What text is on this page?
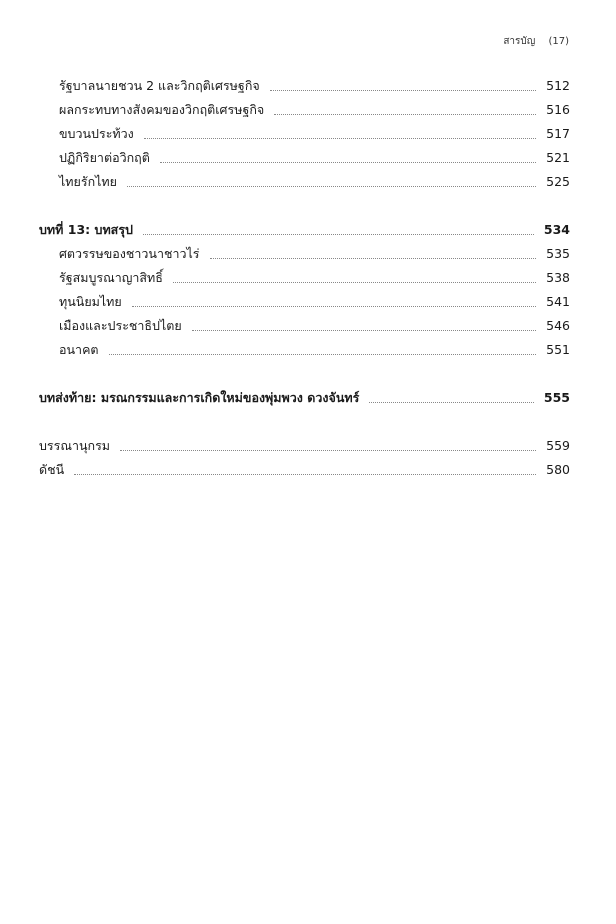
สารบัญ (17)
รัฐบาลนายชวน 2 และวิกฤติเศรษฐกิจ	512
ผลกระทบทางสังคมของวิกฤติเศรษฐกิจ	516
ขบวนประท้วง	517
ปฏิกิริยาต่อวิกฤติ	521
ไทยรักไทย	525
บทที่ 13: บทสรุป	534
ศตวรรษของชาวนาชาวไร่	535
รัฐสมบูรณาญาสิทธิ์	538
ทุนนิยมไทย	541
เมืองและประชาธิปไตย	546
อนาคต	551
บทส่งท้าย: มรณกรรมและการเกิดใหม่ของพุ่มพวง ดวงจันทร์	555
บรรณานุกรม	559
ดัชนี	580
